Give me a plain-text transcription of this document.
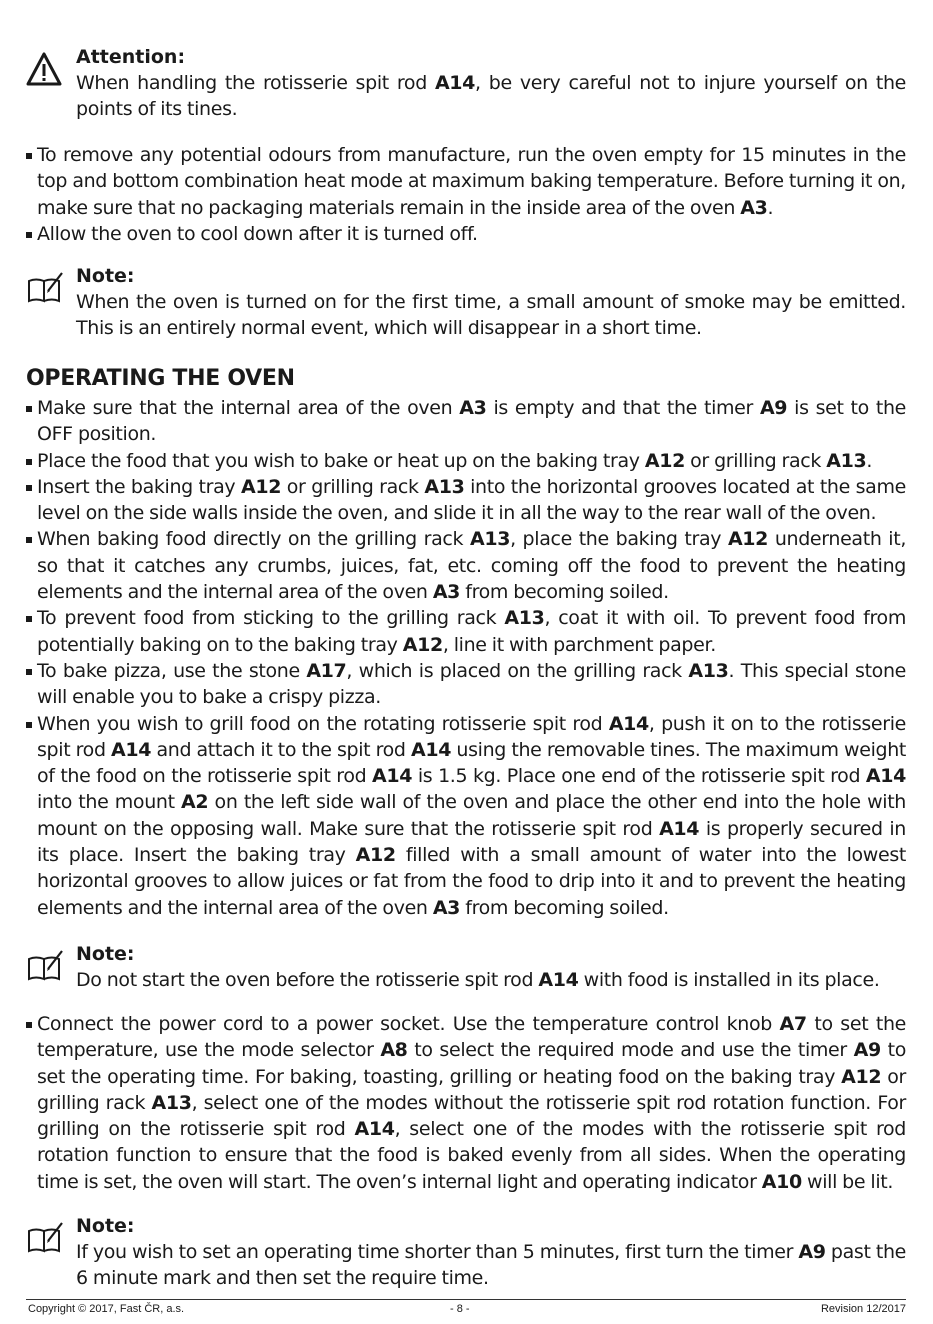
Attention:

When handling the rotisserie spit rod A14, be very careful not to injure yourself on the points of its tines.

To remove any potential odours from manufacture, run the oven empty for 15 minutes in the top and bottom combination heat mode at maximum baking temperature. Before turning it on, make sure that no packaging materials remain in the inside area of the oven A3.

Allow the oven to cool down after it is turned off.

Note:

When the oven is turned on for the first time, a small amount of smoke may be emitted. This is an entirely normal event, which will disappear in a short time.

OPERATING THE OVEN

Make sure that the internal area of the oven A3 is empty and that the timer A9 is set to the OFF position.

Place the food that you wish to bake or heat up on the baking tray A12 or grilling rack A13.

Insert the baking tray A12 or grilling rack A13 into the horizontal grooves located at the same level on the side walls inside the oven, and slide it in all the way to the rear wall of the oven.

When baking food directly on the grilling rack A13, place the baking tray A12 underneath it, so that it catches any crumbs, juices, fat, etc. coming off the food to prevent the heating elements and the internal area of the oven A3 from becoming soiled.

To prevent food from sticking to the grilling rack A13, coat it with oil. To prevent food from potentially baking on to the baking tray A12, line it with parchment paper.

To bake pizza, use the stone A17, which is placed on the grilling rack A13. This special stone will enable you to bake a crispy pizza.

When you wish to grill food on the rotating rotisserie spit rod A14, push it on to the rotisserie spit rod A14 and attach it to the spit rod A14 using the removable tines. The maximum weight of the food on the rotisserie spit rod A14 is 1.5 kg. Place one end of the rotisserie spit rod A14 into the mount A2 on the left side wall of the oven and place the other end into the hole with mount on the opposing wall. Make sure that the rotisserie spit rod A14 is properly secured in its place. Insert the baking tray A12 filled with a small amount of water into the lowest horizontal grooves to allow juices or fat from the food to drip into it and to prevent the heating elements and the internal area of the oven A3 from becoming soiled.

Note:

Do not start the oven before the rotisserie spit rod A14 with food is installed in its place.

Connect the power cord to a power socket. Use the temperature control knob A7 to set the temperature, use the mode selector A8 to select the required mode and use the timer A9 to set the operating time. For baking, toasting, grilling or heating food on the baking tray A12 or grilling rack A13, select one of the modes without the rotisserie spit rod rotation function. For grilling on the rotisserie spit rod A14, select one of the modes with the rotisserie spit rod rotation function to ensure that the food is baked evenly from all sides. When the operating time is set, the oven will start. The oven’s internal light and operating indicator A10 will be lit.

Note:

If you wish to set an operating time shorter than 5 minutes, first turn the timer A9 past the 6 minute mark and then set the require time.

Copyright © 2017, Fast ČR, a.s.	- 8 -	Revision 12/2017
